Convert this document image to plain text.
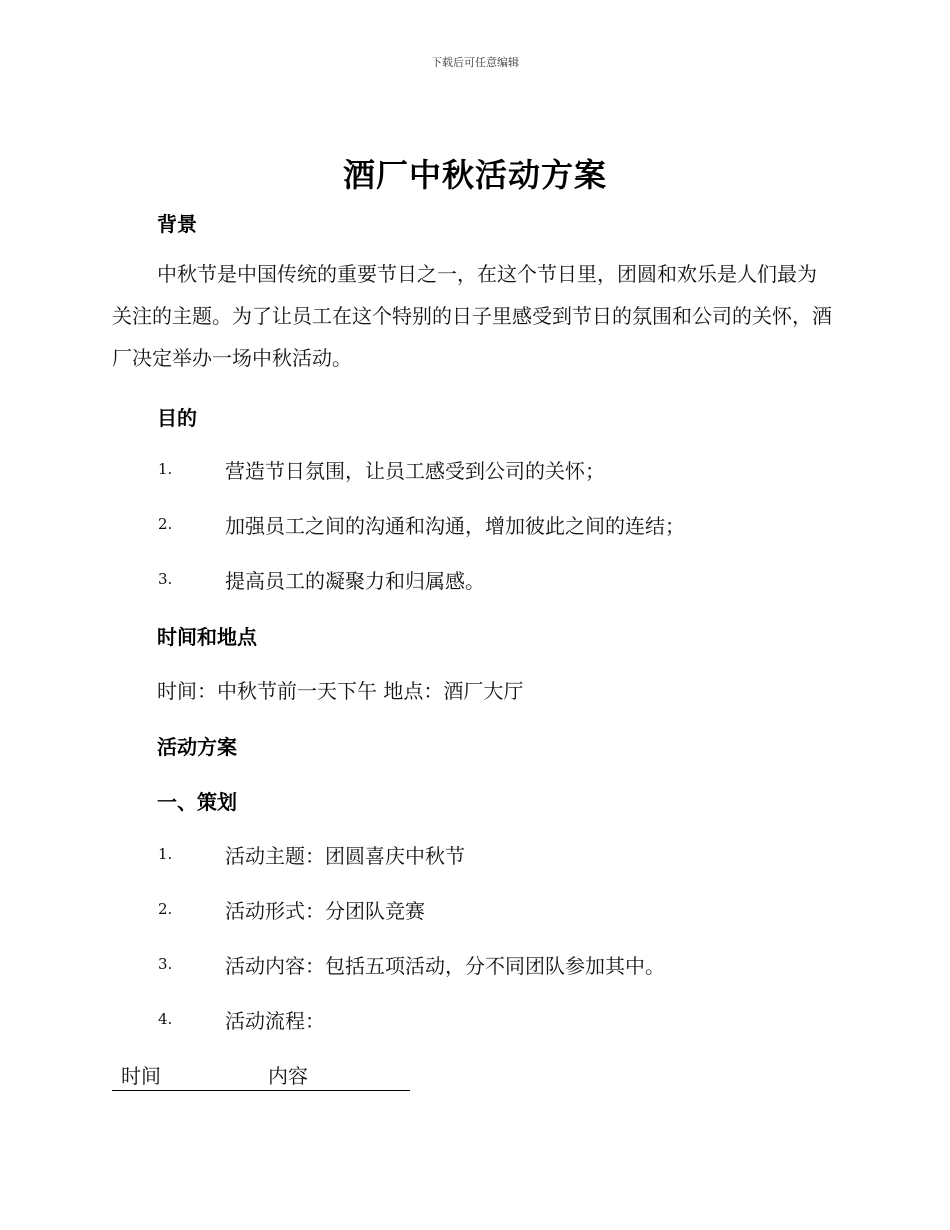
下载后可任意编辑
酒厂中秋活动方案
背景
中秋节是中国传统的重要节日之一，在这个节日里，团圆和欢乐是人们最为关注的主题。为了让员工在这个特别的日子里感受到节日的氛围和公司的关怀，酒厂决定举办一场中秋活动。
目的
1.	营造节日氛围，让员工感受到公司的关怀；
2.	加强员工之间的沟通和沟通，增加彼此之间的连结；
3.	提高员工的凝聚力和归属感。
时间和地点
时间：中秋节前一天下午 地点：酒厂大厅
活动方案
一、策划
1.	活动主题：团圆喜庆中秋节
2.	活动形式：分团队竞赛
3.	活动内容：包括五项活动，分不同团队参加其中。
4.	活动流程：
时间	内容
